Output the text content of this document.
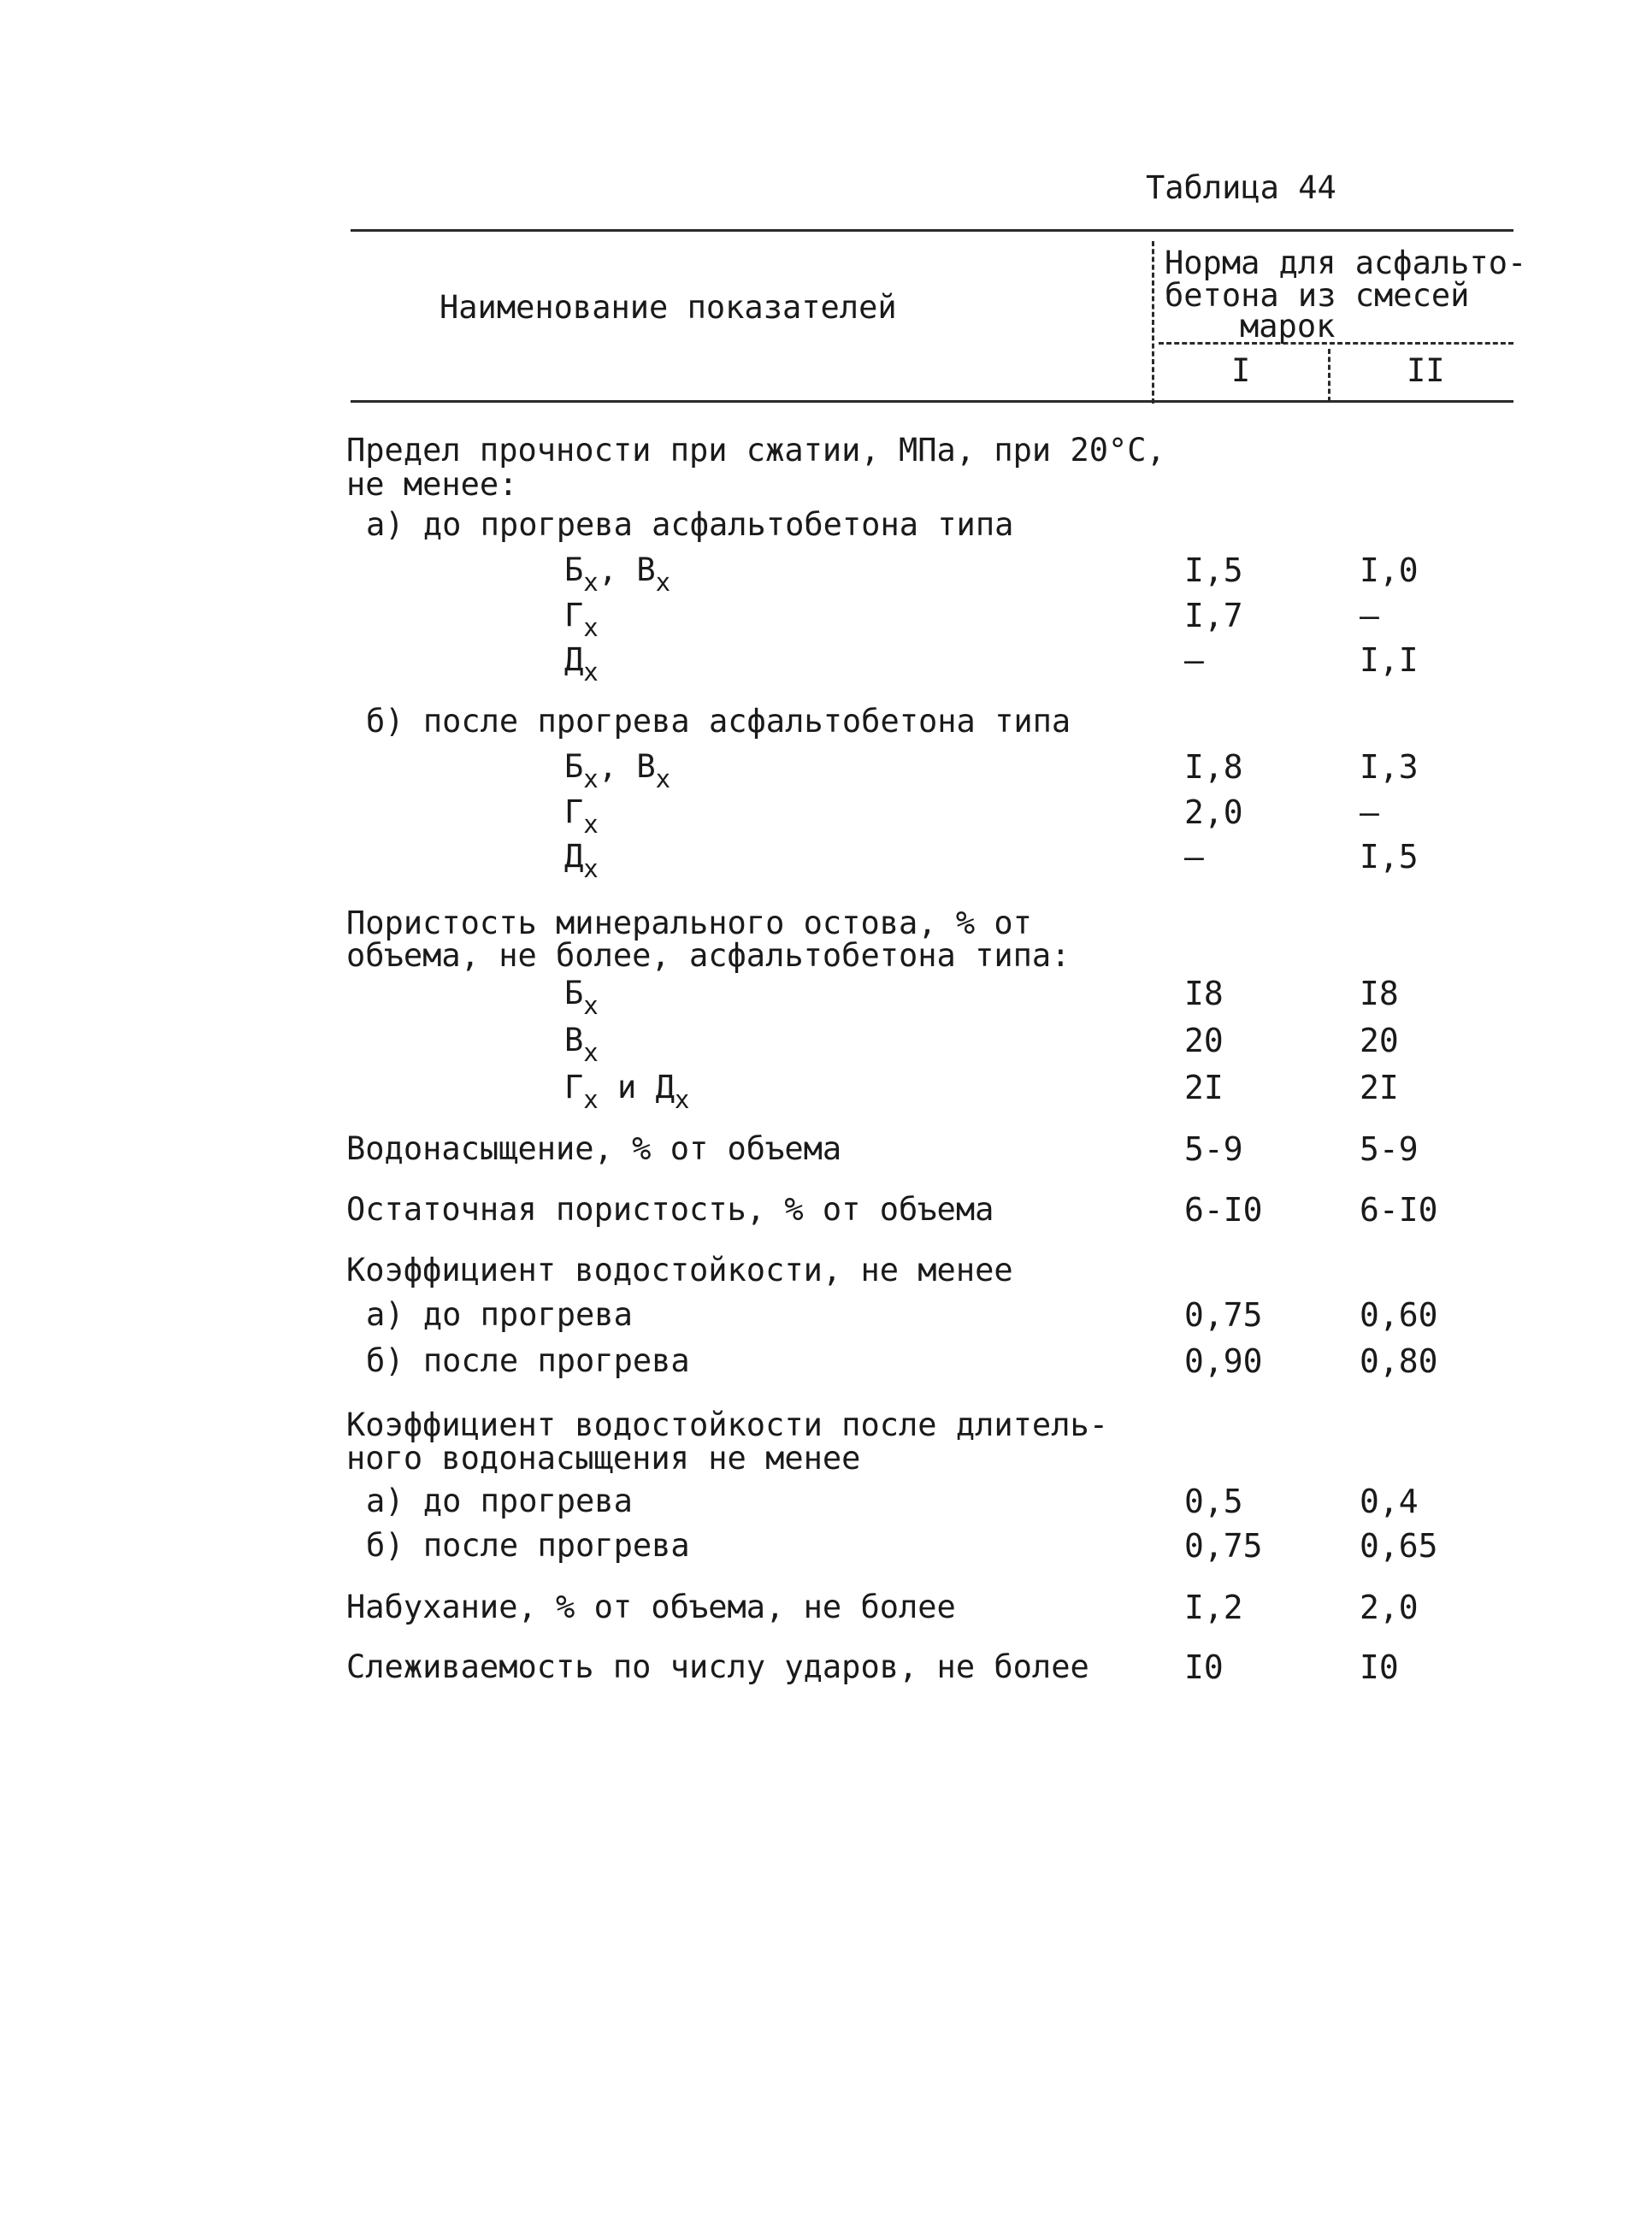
Таблица 44
Наименование показателей
Норма для асфальто-
бетона из смесей
марок
I	II
Предел прочности при сжатии, МПа, при 20°С,
не менее:
а) до прогрева асфальтобетона типа
$Б_х$, $В_х$	I,5	I,0
$Г_х$	I,7	–
$Д_х$	–	I,I
б) после прогрева асфальтобетона типа
$Б_х$, $В_х$	I,8	I,3
$Г_х$	2,0	–
$Д_х$	–	I,5
Пористость минерального остова, % от
объема, не более, асфальтобетона типа:
$Б_х$	I8	I8
$В_х$	20	20
$Г_х$ и $Д_х$	2I	2I
Водонасыщение, % от объема	5-9	5-9
Остаточная пористость, % от объема	6-I0	6-I0
Коэффициент водостойкости, не менее
а) до прогрева	0,75	0,60
б) после прогрева	0,90	0,80
Коэффициент водостойкости после длитель-
ного водонасыщения не менее
а) до прогрева	0,5	0,4
б) после прогрева	0,75	0,65
Набухание, % от объема, не более	I,2	2,0
Слеживаемость по числу ударов, не более	I0	I0
